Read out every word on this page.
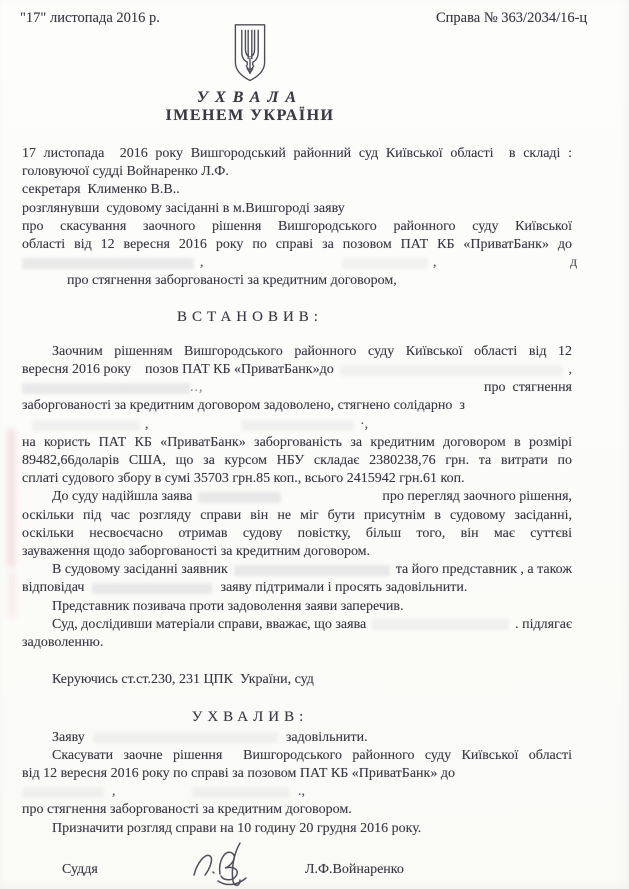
"17" листопада 2016 р.	Справа № 363/2034/16-ц
УХВАЛА
ІМЕНЕМ УКРАЇНИ
17 листопада  2016 року Вишгородський районний суд Київської області  в складі :
головуючої судді Войнаренко Л.Ф.
секретаря  Клименко В.В..
розглянувши  судовому засіданні в м.Вишгороді заяву
про скасування заочного рішення Вишгородського районного суду Київської
області від 12 вересня 2016 року по справі за позовом ПАТ КБ «ПриватБанк» до
,	,	д
про стягнення заборгованості за кредитним договором,
ВСТАНОВИВ:
Заочним рішенням Вишгородського районного суду Київської області від 12
вересня 2016 року    позов ПАТ КБ «ПриватБанк»до	,
..,	про  стягнення
заборгованості за кредитним договором задоволено, стягнено солідарно  з
,	·,
на користь ПАТ КБ «ПриватБанк» заборгованість за кредитним договором в розмірі
89482,66доларів США, що за курсом НБУ складає 2380238,76 грн. та витрати по
сплаті судового збору в сумі 35703 грн.85 коп., всього 2415942 грн.61 коп.
До суду надійшла заява	про перегляд заочного рішення,
оскільки під час розгляду справи він не міг бути присутнім в судовому засіданні,
оскільки несвоєчасно отримав судову повістку, більш того, він має суттєві
зауваження щодо заборгованості за кредитним договором.
В судовому засіданні заявник	та його представник , а також
відповідач	заяву підтримали і просять задовільнити.
Представник позивача проти задоволення заяви заперечив.
Суд, дослідивши матеріали справи, вважає, що заява	. підлягає
задоволенню.
Керуючись ст.ст.230, 231 ЦПК  України, суд
УХВАЛИВ:
Заяву	задовільнити.
Скасувати заочне рішення  Вишгородського районного суду Київської області
від 12 вересня 2016 року по справі за позовом ПАТ КБ «ПриватБанк» до
,	.,
про стягнення заборгованості за кредитним договором.
Призначити розгляд справи на 10 годину 20 грудня 2016 року.
Суддя	Л.Ф.Войнаренко
